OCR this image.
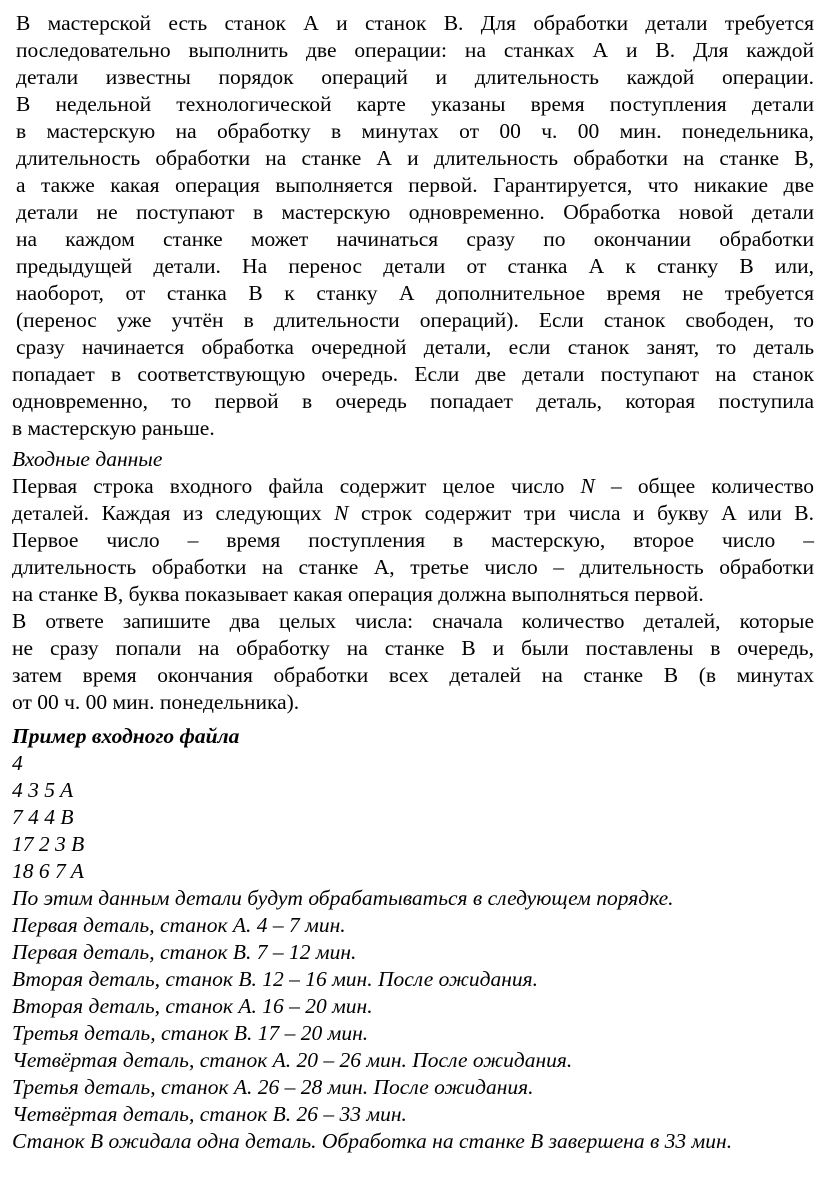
В мастерской есть станок А и станок В. Для обработки детали требуется
последовательно выполнить две операции: на станках А и В. Для каждой
детали известны порядок операций и длительность каждой операции.
В недельной технологической карте указаны время поступления детали
в мастерскую на обработку в минутах от 00 ч. 00 мин. понедельника,
длительность обработки на станке А и длительность обработки на станке В,
а также какая операция выполняется первой. Гарантируется, что никакие две
детали не поступают в мастерскую одновременно. Обработка новой детали
на каждом станке может начинаться сразу по окончании обработки
предыдущей детали. На перенос детали от станка А к станку В или,
наоборот, от станка В к станку А дополнительное время не требуется
(перенос уже учтён в длительности операций). Если станок свободен, то
сразу начинается обработка очередной детали, если станок занят, то деталь
попадает в соответствующую очередь. Если две детали поступают на станок
одновременно, то первой в очередь попадает деталь, которая поступила
в мастерскую раньше.
Входные данные
Первая строка входного файла содержит целое число N – общее количество
деталей. Каждая из следующих N строк содержит три числа и букву A или B.
Первое число – время поступления в мастерскую, второе число –
длительность обработки на станке А, третье число – длительность обработки
на станке В, буква показывает какая операция должна выполняться первой.
В ответе запишите два целых числа: сначала количество деталей, которые
не сразу попали на обработку на станке В и были поставлены в очередь,
затем время окончания обработки всех деталей на станке В (в минутах
от 00 ч. 00 мин. понедельника).
Пример входного файла
4
4 3 5 A
7 4 4 B
17 2 3 B
18 6 7 A
По этим данным детали будут обрабатываться в следующем порядке.
Первая деталь, станок А. 4 – 7 мин.
Первая деталь, станок В. 7 – 12 мин.
Вторая деталь, станок В. 12 – 16 мин. После ожидания.
Вторая деталь, станок А. 16 – 20 мин.
Третья деталь, станок В. 17 – 20 мин.
Четвёртая деталь, станок А. 20 – 26 мин. После ожидания.
Третья деталь, станок А. 26 – 28 мин. После ожидания.
Четвёртая деталь, станок В. 26 – 33 мин.
Станок В ожидала одна деталь. Обработка на станке В завершена в 33 мин.
